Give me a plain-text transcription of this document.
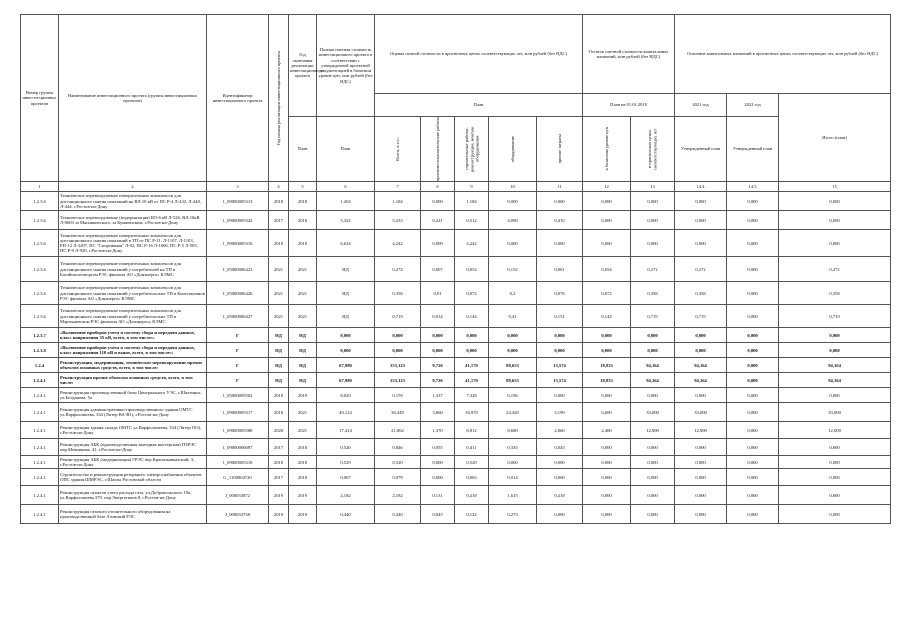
Номер группы инвести-ционных проектов	Наименование инвестиционного проекта (группы инвестиционных проектов)	Идентификатор инвестиционного проекта	Год начала реализации инвестиционного проекта	Год окончания реализации инвестиционного проекта	Полная сметная стоимость инвестиционного проекта в соответствии с утвержденной проектной документацией в базисном уровне цен, млн рублей (без НДС)	Оценка полной стоимости в прогнозных ценах соответствующих лет, млн рублей (без НДС)					Остаток сметной стоимости капитальных вложений, млн рублей (без НДС)		Освоение капитальных вложений в прогнозных ценах соответствующих лет, млн рублей (без НДС)		
						План					План на 01.01.2018		2021 год	2022 год	Итого (план)
				План	План	Всего, в т.ч.:	проектно-изыскательские работы	строительные работы, реконструкция, монтаж оборудования	оборудование	прочие затраты	в базисном уровне цен	в прогнозных ценах соответствующих лет	Утвержденный план	Утвержденный план	
1	2	3	4	5	6	7	8	9	10	11	12	13	14.4	14.5	15
1.2.3.6	Техническое перевооружение измерительных комплексов для дистанционного снятия показаний на ВЛ-10 кВ от ПС Р-4 Л-432, Л-440, Л-444, г.Ростов-на-Дону	1_09000005313	2018	2018	1,204	1,184	0,000	1,184	0,000	0,000	0,000	0,000	0,000	0,000	0,000
1.2.3.6	Техническое перевооружение (модернизация) ВЛ-6 кВ Л-526, ВЛ-10кВ Л-0603 за Мясниковского, за Кумженским, г.Ростов-на-Дону	1_09000005342	2017	2018	5,322	5,233	0,221	0,512	4,090	0,410	0,000	0,000	0,000	0,000	0,000
1.2.3.6	Техническое перевооружение измерительных комплексов для дистанционного снятия показаний в ТП от ПС Р-11, Л-1107, Л-1103, РП-12 Л-3207, ПС "Спортивная" Л-02, ПС Р-16 Л-1606, ПС Р-5 Л-505, ПС Р-9 Л-920, г.Ростов-на-Дону	1_09000005316	2018	2018	6,634	4,242	0,000	4,242	0,000	0,000	0,000	0,000	0,000	0,000	0,000
1.2.3.6	Техническое перевооружение измерительных комплексов для дистанционного снятия показаний у потребителей на ТП в Батайскоптоворгом РЭС филиала АО «Донэнерго» КЭМС	1_05000006423	2021	2021	НД	0,272	0,007	0,052	0,152	0,061	0,054	0,272	0,272	0,000	0,272
1.2.3.6	Техническое перевооружение измерительных комплексов для дистанционного снятия показаний у потребительских ТП в Константинов РЭС филиала АО «Донэнерго» КЭМС	1_05000006426	2021	2021	НД	0,358	0,01	0,072	0,2	0,076	0,072	0,358	0,358	0,000	0,358
1.2.3.6	Техническое перевооружение измерительных комплексов для дистанционного снятия показаний у потребительских ТП в Мартыновском РЭС филиала АО «Донэнерго» КЭМС	1_05000006427	2021	2021	НД	0,719	0,014	0,144	0,41	0,151	0,144	0,719	0,719	0,000	0,719
1.2.3.7	«Включение приборов учета в систему сбора и передачи данных, класс напряжения 35 кВ, всего, в том числе:»	Г	НД	НД	0,000	0,000	0,000	0,000	0,000	0,000	0,000	0,000	0,000	0,000	0,000
1.2.3.8	«Включение приборов учета в систему сбора и передачи данных, класс напряжения 110 кВ и выше, всего, в том числе:»	Г	НД	НД	0,000	0,000	0,000	0,000	0,000	0,000	0,000	0,000	0,000	0,000	0,000
1.2.4	Реконструкция, модернизация, техническое перевооружение прочих объектов основных средств, всего, в том числе:	Г	НД	НД	67,980	153,123	9,726	41,170	88,653	13,574	18,833	94,164	94,164	0,000	94,164
1.2.4.1	Реконструкция прочих объектов основных средств, всего, в том числе:	Г	НД	НД	67,980	153,123	9,726	41,170	88,653	13,574	18,833	94,164	94,164	0,000	94,164
1.2.4.1	Реконструкция производственной базы Центрального УЭС, г.Шахтинск, ул.Богданова, 5а	1_05000005502	2018	2019	8,020	0,159	1,337	7,328	0,196	0,000	0,000	0,000	0,000	0,000	0,000
1.2.4.1	Реконструкция административно-производственного здания ОМТС ул.Варфоломеева, 334 (Литер ВА-В1), г.Ростов-на-Дону	1_09000005317	2018	2021	40,124	30,449	3,860	16,970	24,420	5,199	6,600	33,000	33,000	0,000	33,000
1.2.4.1	Реконструкция здания склада ОМТС ул.Варфоломеева, 334 (Литер ОО), г.Ростов-на-Дону	1_09000005588	2020	2021	17,414	21,062	1,370	8,812	8,680	2,060	2,400	12,000	12,000	0,000	12,000
1.2.4.1	Реконструкция АБК (производственная выездная мастерская) ПЗРЭС пер.Мечникова, 41, г.Ростов-на-Дону	1_09000006097	2017	2018	0,520	0,846	0,055	0,411	0,335	0,045	0,000	0,000	0,000	0,000	0,000
1.2.4.1	Реконструкция АБК (модернизация) ГРЭС пер.Краснокавказский, 3, г.Ростов-на-Дону	1_09000005318	2018	2018	0,529	0,520	0,000	0,520	0,000	0,000	0,000	0,000	0,000	0,000	0,000
1.2.4.1	Строительство и реконструкция резервного электроснабжения объектов ОПС здания ШМРЭС, г.Шахты Ростовской области	G_1100004720	2017	2018	0,067	0,079	0,000	0,065	0,014	0,000	0,000	0,000	0,000	0,000	0,000
1.2.4.1	Реконструкция пунктов учета расхода газа, ул.Добровольского 19а, ул.Варфоломеева 379, пер.Энергетиков 8, г.Ростов-на-Дону	J_000033872	2019	2019	2,182	2,182	0,131	0,218	1,615	0,218	0,000	0,000	0,000	0,000	0,000
1.2.4.1	Реконструкция газового отопительного оборудования на производственной базе Азовский РЭС	J_000033738	2019	2019	0,440	0,440	0,045	0,122	0,273	0,000	0,000	0,000	0,000	0,000	0,000
